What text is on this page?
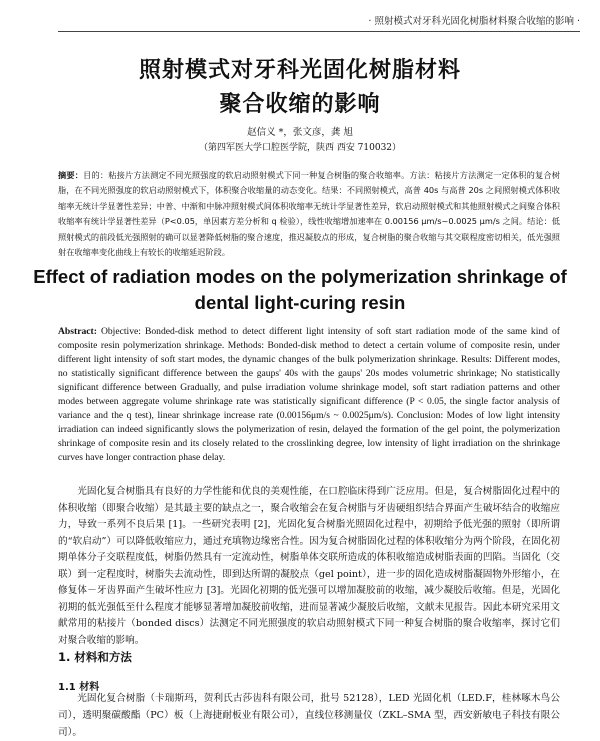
· 照射模式对牙科光固化树脂材料聚合收缩的影响 ·
照射模式对牙科光固化树脂材料
聚合收缩的影响
赵信义 *，张文彦，龚 旭
（第四军医大学口腔医学院，陕西 西安 710032）
摘要：目的：粘接片方法测定不同光照强度的软启动照射模式下同一种复合树脂的聚合收缩率。方法：粘接片方法测定一定体积的复合树脂，在不同光照强度的软启动照射模式下，体积聚合收缩量的动态变化。结果：不同照射模式，高普 40s 与高普 20s 之间照射模式体积收缩率无统计学显著性差异；中普、中渐和中脉冲照射模式间体积收缩率无统计学显著性差异，软启动照射模式和其他照射模式之间聚合体积收缩率有统计学显著性差异（P<0.05，单因素方差分析和 q 检验），线性收缩增加速率在 0.00156 μm/s~0.0025 μm/s 之间。结论：低照射模式的前段低光强照射的确可以显著降低树脂的聚合速度，推迟凝胶点的形成，复合树脂的聚合收缩与其交联程度密切相关，低光强照射在收缩率变化曲线上有较长的收缩延迟阶段。
Effect of radiation modes on the polymerization shrinkage of
dental light-curing resin
Abstract: Objective: Bonded-disk method to detect different light intensity of soft start radiation mode of the same kind of composite resin polymerization shrinkage. Methods: Bonded-disk method to detect a certain volume of composite resin, under different light intensity of soft start modes, the dynamic changes of the bulk polymerization shrinkage. Results: Different modes, no statistically significant difference between the gaups' 40s with the gaups' 20s modes volumetric shrinkage; No statistically significant difference between Gradually, and pulse irradiation volume shrinkage model, soft start radiation patterns and other modes between aggregate volume shrinkage rate was statistically significant difference (P < 0.05, the single factor analysis of variance and the q test), linear shrinkage increase rate (0.00156μm/s ~ 0.0025μm/s). Conclusion: Modes of low light intensity irradiation can indeed significantly slows the polymerization of resin, delayed the formation of the gel point, the polymerization shrinkage of composite resin and its closely related to the crosslinking degree, low intensity of light irradiation on the shrinkage curves have longer contraction phase delay.
光固化复合树脂具有良好的力学性能和优良的美观性能，在口腔临床得到广泛应用。但是，复合树脂固化过程中的体积收缩（即聚合收缩）是其最主要的缺点之一，聚合收缩会在复合树脂与牙齿硬组织结合界面产生破坏结合的收缩应力，导致一系列不良后果 [1]。一些研究表明 [2]，光固化复合树脂光照固化过程中，初期给予低光强的照射（即所谓的“软启动”）可以降低收缩应力，通过充填物边缘密合性。因为复合树脂固化过程的体积收缩分为两个阶段，在固化初期单体分子交联程度低，树脂仍然具有一定流动性，树脂单体交联所造成的体积收缩造成树脂表面的凹陷。当固化（交联）到一定程度时，树脂失去流动性，即到达所谓的凝胶点（gel point），进一步的固化造成树脂凝固物外形缩小，在修复体－牙齿界面产生破坏性应力 [3]。光固化初期的低光强可以增加凝胶前的收缩，减少凝胶后收缩。但是，光固化初期的低光强低至什么程度才能够显著增加凝胶前收缩，进而显著减少凝胶后收缩，文献未见报告。因此本研究采用文献常用的粘接片（bonded discs）法测定不同光照强度的软启动照射模式下同一种复合树脂的聚合收缩率，探讨它们对聚合收缩的影响。
1. 材料和方法
1.1 材料
光固化复合树脂（卡瑞斯玛，贺利氏古莎齿科有限公司，批号 52128），LED 光固化机（LED.F，桂林啄木鸟公司），透明聚碳酸酯（PC）板（上海捷耐板业有限公司），直线位移测量仪（ZKL–SMA 型，西安新敏电子科技有限公司）。
